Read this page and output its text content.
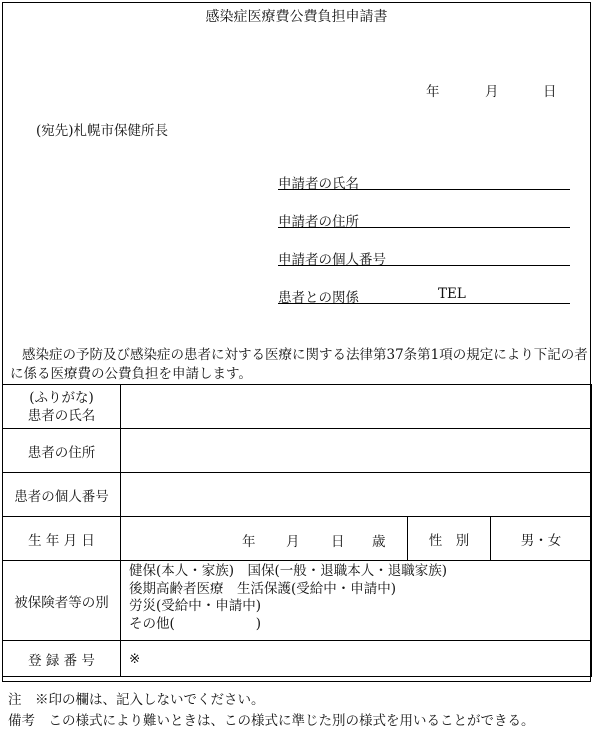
感染症医療費公費負担申請書
年	月	日
(宛先)札幌市保健所長
申請者の氏名
申請者の住所
申請者の個人番号
患者との関係	TEL
感染症の予防及び感染症の患者に対する医療に関する法律第37条第1項の規定により下記の者に係る医療費の公費負担を申請します。
(ふりがな)
患者の氏名			

患者の住所			
患者の個人番号			
生 年 月 日	年 月 日 歳	性　別	男・女
被保険者等の別	健保(本人・家族)　国保(一般・退職本人・退職家族)
後期高齢者医療　生活保護(受給中・申請中)
労災(受給中・申請中)
その他(　　　　　　)		

登 録 番 号	※		
注　※印の欄は、記入しないでください。
備考　この様式により難いときは、この様式に準じた別の様式を用いることができる。
